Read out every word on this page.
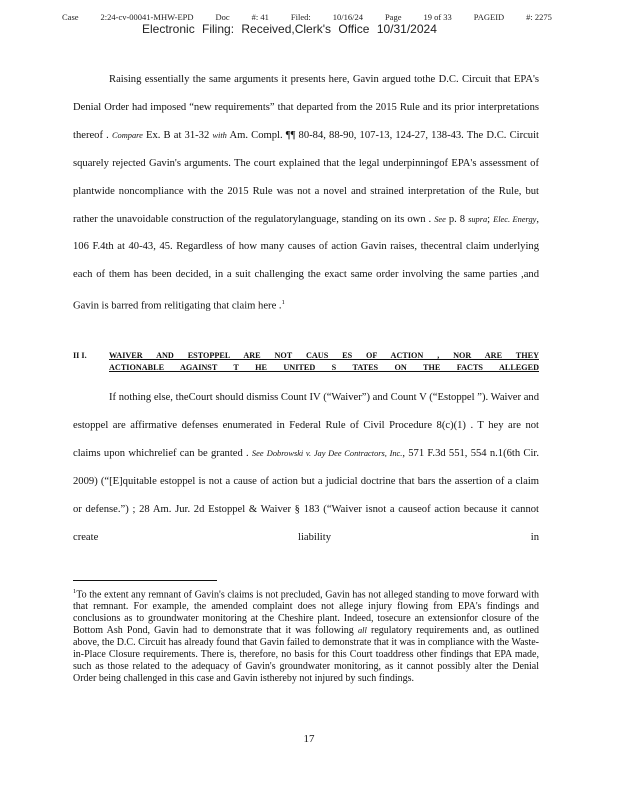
Case	2:24-cv-00041-MHW-EPD	Doc	#: 41	Filed:	10/16/24	Page	19 of 33	PAGEID	#: 2275
Electronic Filing: Received,Clerk's Office 10/31/2024

Raising essentially the same arguments it presents here, Gavin argued tothe D.C. Circuit that EPA's Denial Order had imposed “new requirements” that departed from the 2015 Rule and its prior interpretations thereof . Compare Ex. B at 31-32 with Am. Compl. ¶¶ 80-84, 88-90, 107-13, 124-27, 138-43. The D.C. Circuit squarely rejected Gavin's arguments. The court explained that the legal underpinningof EPA's assessment of plantwide noncompliance with the 2015 Rule was not a novel and strained interpretation of the Rule, but rather the unavoidable construction of the regulatorylanguage, standing on its own . See p. 8 supra; Elec. Energy, 106 F.4th at 40-43, 45. Regardless of how many causes of action Gavin raises, thecentral claim underlying each of them has been decided, in a suit challenging the exact same order involving the same parties ,and Gavin is barred from relitigating that claim here .$^1$

II I.	WAIVER AND ESTOPPEL ARE NOT CAUS ES OF ACTION , NOR ARE THEY
ACTIONABLE AGAINST T HE UNITED S TATES ON THE FACTS ALLEGED

If nothing else, theCourt should dismiss Count IV (“Waiver”) and Count V (“Estoppel ”). Waiver and estoppel are affirmative defenses enumerated in Federal Rule of Civil Procedure 8(c)(1) . T hey are not claims upon whichrelief can be granted . See Dobrowski v. Jay Dee Contractors, Inc., 571 F.3d 551, 554 n.1(6th Cir. 2009) (“[E]quitable estoppel is not a cause of action but a judicial doctrine that bars the assertion of a claim or defense.”) ; 28 Am. Jur. 2d Estoppel & Waiver § 183 (“Waiver isnot a causeof action because it cannot create liability in

$^1$To the extent any remnant of Gavin's claims is not precluded, Gavin has not alleged standing to move forward with that remnant. For example, the amended complaint does not allege injury flowing from EPA's findings and conclusions as to groundwater monitoring at the Cheshire plant. Indeed, tosecure an extensionfor closure of the Bottom Ash Pond, Gavin had to demonstrate that it was following all regulatory requirements and, as outlined above, the D.C. Circuit has already found that Gavin failed to demonstrate that it was in compliance with the Waste-in-Place Closure requirements. There is, therefore, no basis for this Court toaddress other findings that EPA made, such as those related to the adequacy of Gavin's groundwater monitoring, as it cannot possibly alter the Denial Order being challenged in this case and Gavin isthereby not injured by such findings.
17
